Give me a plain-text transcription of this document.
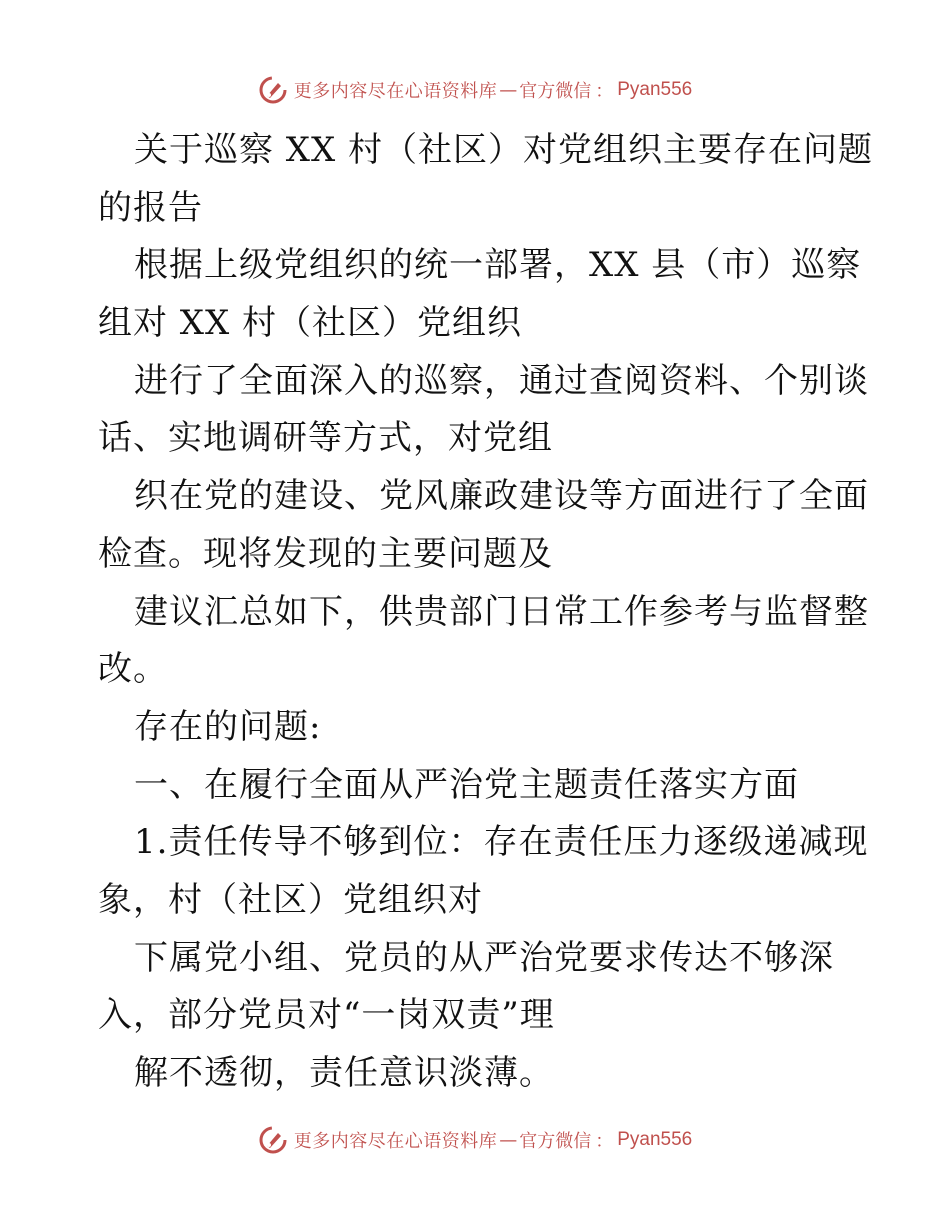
更多内容尽在心语资料库 — 官方微信 ： Pyan556
关于巡察 XX 村（社区）对党组织主要存在问题
的报告
根据上级党组织的统一部署，XX 县（市）巡察
组对 XX 村（社区）党组织
进行了全面深入的巡察，通过查阅资料、个别谈
话、实地调研等方式，对党组
织在党的建设、党风廉政建设等方面进行了全面
检查。现将发现的主要问题及
建议汇总如下，供贵部门日常工作参考与监督整
改。
存在的问题:
一、在履行全面从严治党主题责任落实方面
1.责任传导不够到位：存在责任压力逐级递减现
象，村（社区）党组织对
下属党小组、党员的从严治党要求传达不够深
入，部分党员对“一岗双责”理
解不透彻，责任意识淡薄。
更多内容尽在心语资料库 — 官方微信 ： Pyan556
